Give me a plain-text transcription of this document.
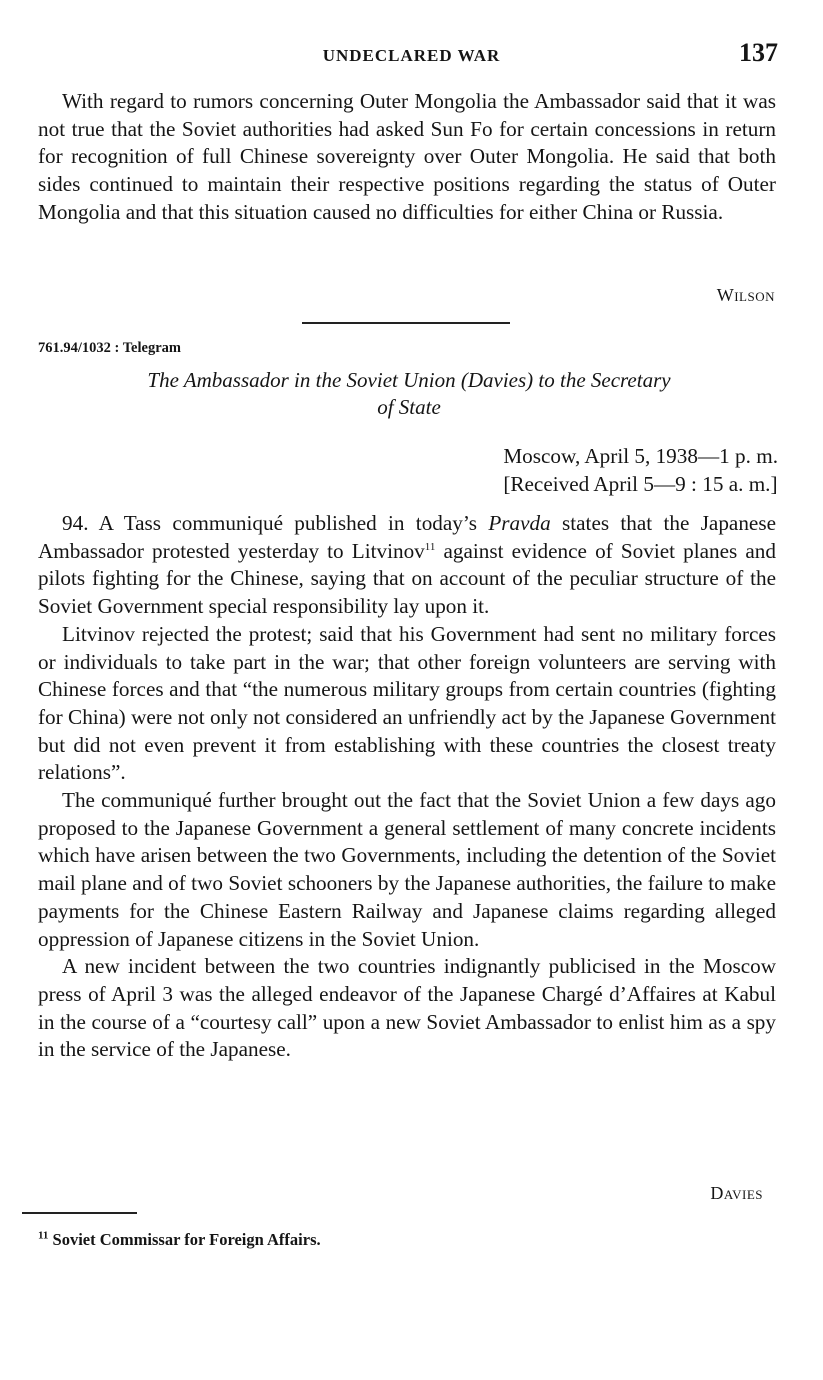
UNDECLARED WAR	137

With regard to rumors concerning Outer Mongolia the Ambassador said that it was not true that the Soviet authorities had asked Sun Fo for certain concessions in return for recognition of full Chinese sovereignty over Outer Mongolia. He said that both sides continued to maintain their respective positions regarding the status of Outer Mongolia and that this situation caused no difficulties for either China or Russia.

Wilson
761.94/1032 : Telegram
The Ambassador in the Soviet Union (Davies) to the Secretary
of State
Moscow, April 5, 1938—1 p. m.
[Received April 5—9 : 15 a. m.]

94. A Tass communiqué published in today’s Pravda states that the Japanese Ambassador protested yesterday to Litvinov$^{11}$ against evidence of Soviet planes and pilots fighting for the Chinese, saying that on account of the peculiar structure of the Soviet Government special responsibility lay upon it.

Litvinov rejected the protest; said that his Government had sent no military forces or individuals to take part in the war; that other foreign volunteers are serving with Chinese forces and that “the numerous military groups from certain countries (fighting for China) were not only not considered an unfriendly act by the Japanese Government but did not even prevent it from establishing with these countries the closest treaty relations”.

The communiqué further brought out the fact that the Soviet Union a few days ago proposed to the Japanese Government a general settlement of many concrete incidents which have arisen between the two Governments, including the detention of the Soviet mail plane and of two Soviet schooners by the Japanese authorities, the failure to make payments for the Chinese Eastern Railway and Japanese claims regarding alleged oppression of Japanese citizens in the Soviet Union.

A new incident between the two countries indignantly publicised in the Moscow press of April 3 was the alleged endeavor of the Japanese Chargé d’Affaires at Kabul in the course of a “courtesy call” upon a new Soviet Ambassador to enlist him as a spy in the service of the Japanese.

Davies
$^{11}$ Soviet Commissar for Foreign Affairs.
